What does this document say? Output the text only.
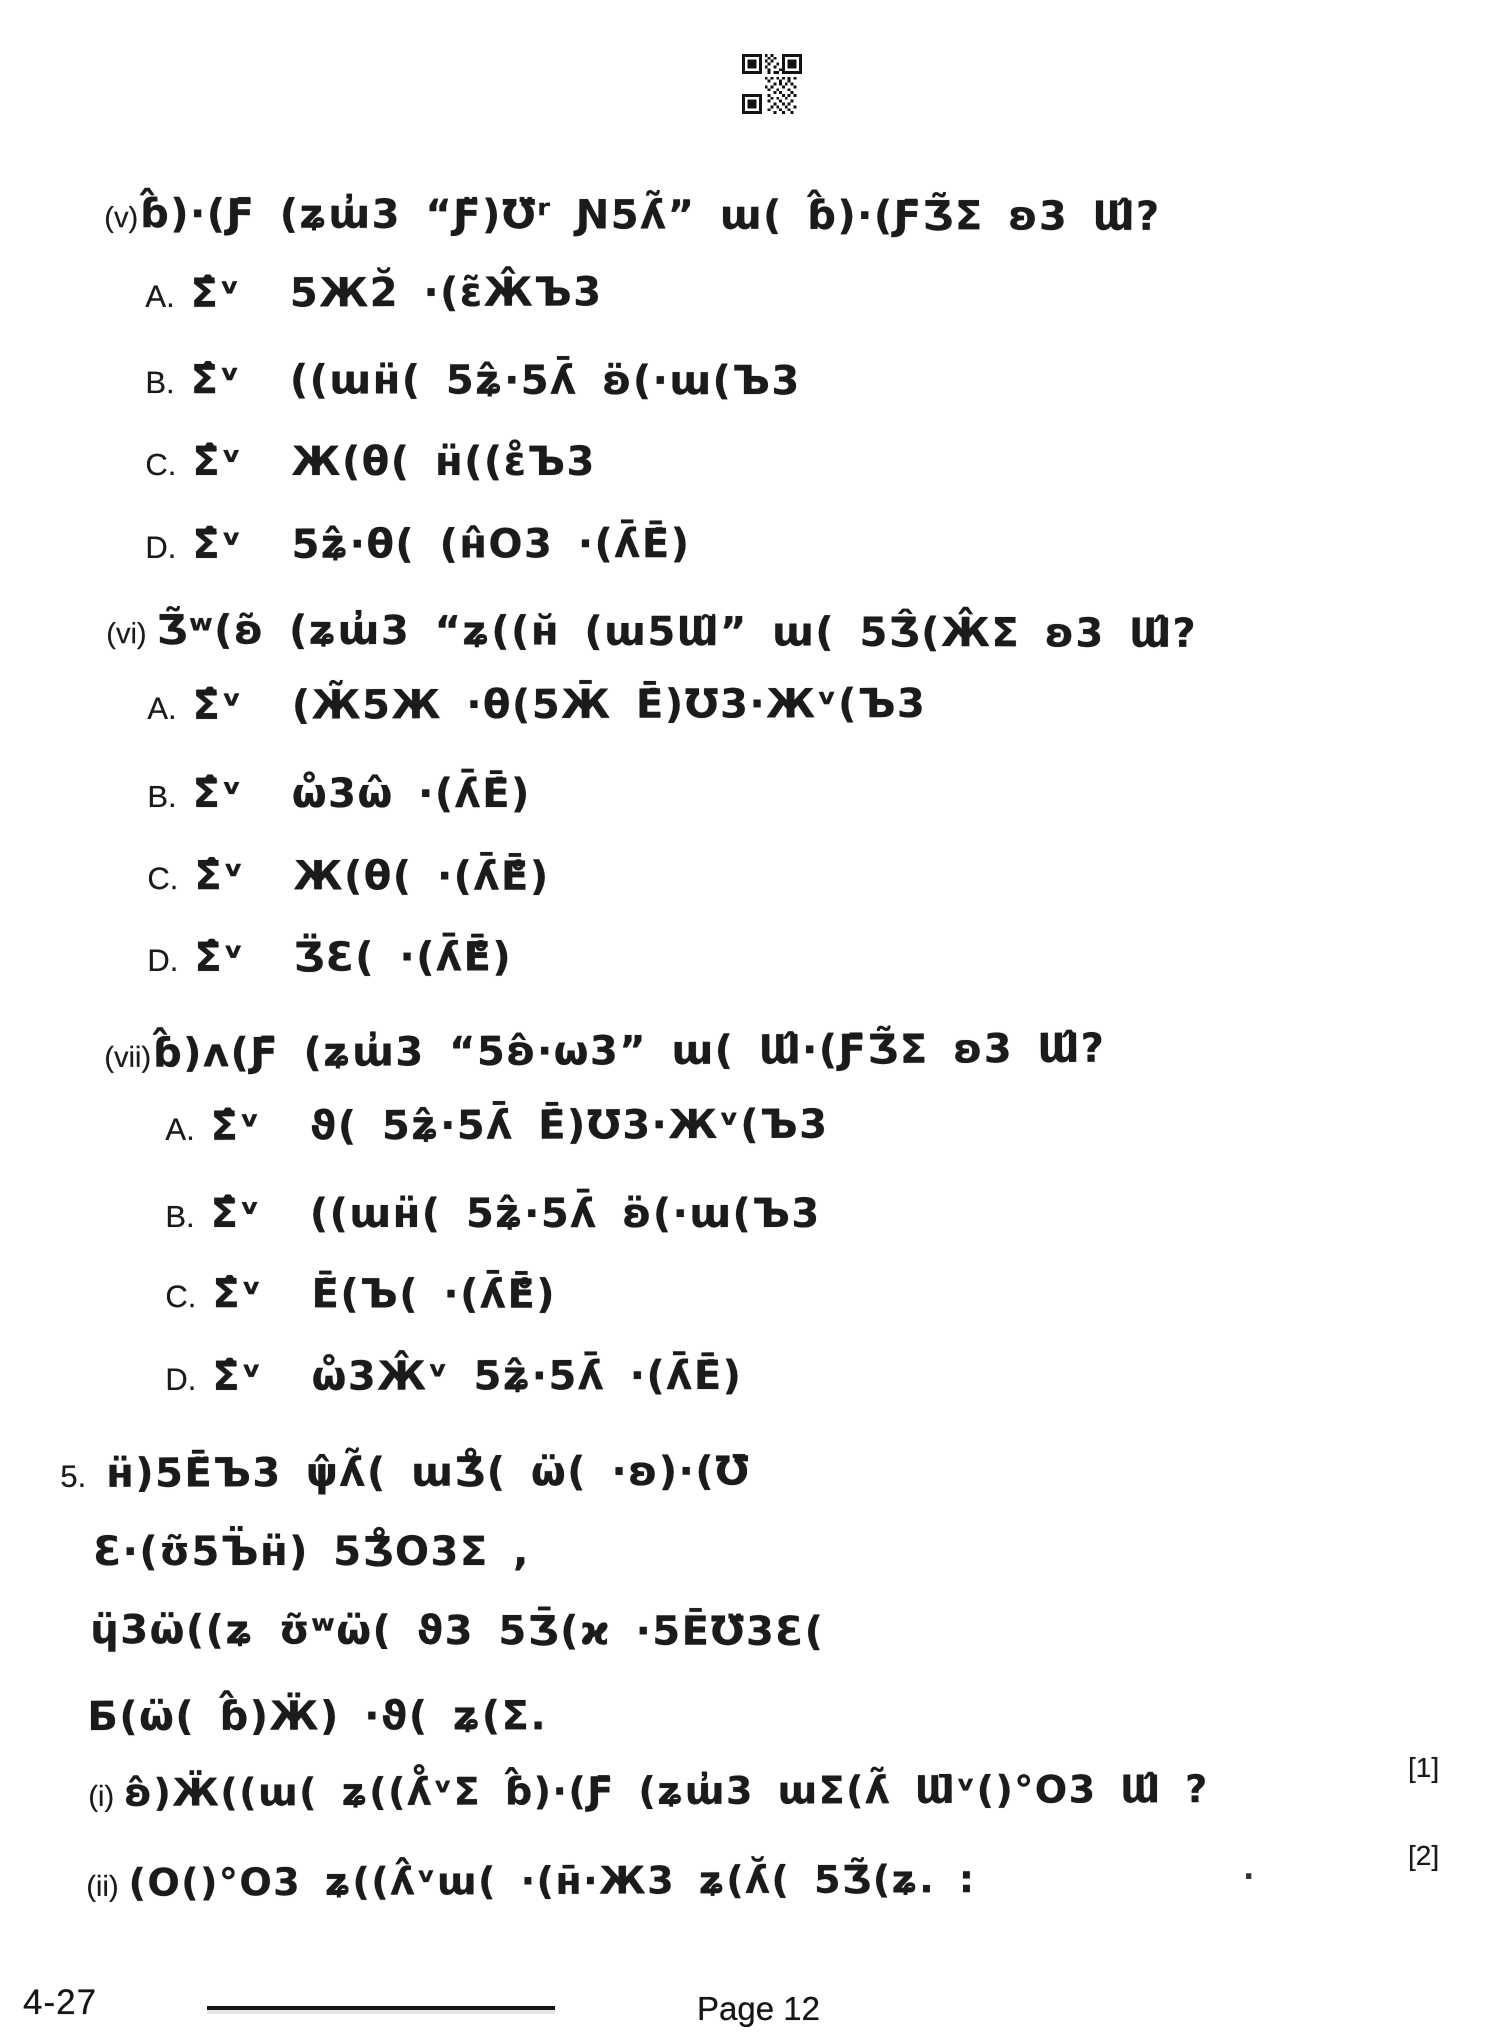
(v)ɓ̂)·(Ƒ̄ (ʑɯ̓3 “Ƒ̈)Ʊ̈ʳ Ɲ5ʎ̃” ɯ( ɓ̂)·(Ƒ̄Ʒ̃Σ ʚ3 Ɯ̂?

A. Σ̂ᵛ  5Ж2̆ ·(ε̃Ж̂Ъ3

B. Σ̂ᵛ  ((ɯʜ̈( 5ʑ̂·5ʎ̄ ʚ̈(·ɯ(Ъ3

C. Σ̂ᵛ  Ж(θ( ʜ̈((ε̊Ъ3

D. Σ̂ᵛ  5ʑ̂·θ( (ʜ̂O3 ·(ʎ̄Ē̂)

(vi) Ʒ̃ʷ(ʚ̃ (ʑɯ̓3 “ʑ((ʜ̆ (ɯ5Ɯ̃” ɯ( 5Ʒ̂(Ж̂Σ ʚ3 Ɯ̂?

A. Σ̂ᵛ  (Ж̃5Ж ·θ(5Ж̄ Ē̂)Ʊ3·Жᵛ(Ъ3

B. Σ̂ᵛ  ω̊3ω̂ ·(ʎ̄Ē̂)

C. Σ̂ᵛ  Ж(θ( ·(ʎ̄Ē̊)

D. Σ̂ᵛ  Ʒ̈Ɛ( ·(ʎ̄Ē̊)

(vii)ɓ̂)ʌ(Ƒ̄ (ʑɯ̓3 “5ʚ̂·ω3” ɯ( Ɯ̂·(Ƒ̄Ʒ̃Σ ʚ3 Ɯ̂?

A. Σ̂ᵛ  ϑ( 5ʑ̂·5ʎ̄ Ē̂)Ʊ3·Жᵛ(Ъ3

B. Σ̂ᵛ  ((ɯʜ̈( 5ʑ̂·5ʎ̄ ʚ̈(·ɯ(Ъ3

C. Σ̂ᵛ  Ē̃(Ъ( ·(ʎ̄Ē̊)

D. Σ̂ᵛ  ω̊3Ж̂ᵛ 5ʑ̂·5ʎ̄ ·(ʎ̄Ē̂)

5. ʜ̈)5Ē̈Ъ3 ψ̂ʎ̃( ɯƷ̊( ω̈( ·ʚ)·(Ʊ̄

Ɛ·(ʊ̃5Ъ̈ʜ̈) 5Ʒ̊O3Σ ,

ɥ̈3ω̈((ʑ ʊ̃ʷω̈( ϑ3 5Ʒ̄(ϰ ·5ĒƱ̈3Ɛ(

Б(ω̈( ɓ̂)Ӝ) ·ϑ( ʑ(Σ.

(i) ʚ̂)Ӝ((ɯ( ʑ((ʎ̊ᵛΣ ɓ̂)·(Ƒ̄ (ʑɯ̓3 ɯΣ(ʎ̃ Ɯ̄ᵛ()°O3 Ɯ̂ ?
	[1]

(ii) (O()°O3 ʑ((ʎ̂ᵛɯ( ·(ʜ̄·Ж3 ʑ(ʎ̆( 5Ʒ̃(ʑ. :

[2]
.
4-27	Page 12
